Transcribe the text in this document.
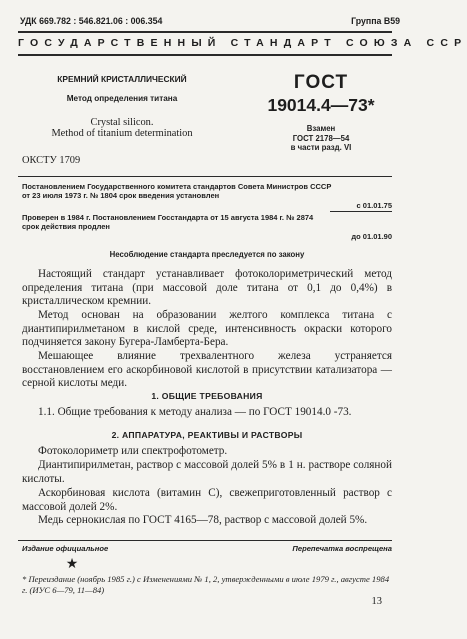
УДК 669.782 : 546.821.06 : 006.354	Группа В59
ГОСУДАРСТВЕННЫЙ СТАНДАРТ СОЮЗА ССР
КРЕМНИЙ КРИСТАЛЛИЧЕСКИЙ
Метод определения титана
Crystal silicon.
Method of titanium determination
ОКСТУ 1709
ГОСТ
19014.4—73*
Взамен
ГОСТ 2178—54
в части разд. VI
Постановлением Государственного комитета стандартов Совета Министров СССР
от 23 июля 1973 г. № 1804 срок введения установлен
с 01.01.75
Проверен в 1984 г. Постановлением Госстандарта от 15 августа 1984 г. № 2874
срок действия продлен
до 01.01.90
Несоблюдение стандарта преследуется по закону
Настоящий стандарт устанавливает фотоколориметрический метод определения титана (при массовой доле титана от 0,1 до 0,4%) в кристаллическом кремнии.
Метод основан на образовании желтого комплекса титана с диантипирилметаном в кислой среде, интенсивность окраски которого подчиняется закону Бугера-Ламберта-Бера.
Мешающее влияние трехвалентного железа устраняется восстановлением его аскорбиновой кислотой в присутствии катализатора — серной кислоты меди.
1. ОБЩИЕ ТРЕБОВАНИЯ
1.1. Общие требования к методу анализа — по ГОСТ 19014.0 -73.
2. АППАРАТУРА, РЕАКТИВЫ И РАСТВОРЫ
Фотоколориметр или спектрофотометр.
Диантипирилметан, раствор с массовой долей 5% в 1 н. растворе соляной кислоты.
Аскорбиновая кислота (витамин С), свежеприготовленный раствор с массовой долей 2%.
Медь сернокислая по ГОСТ 4165—78, раствор с массовой долей 5%.
Издание официальное	Перепечатка воспрещена
★
* Переиздание (ноябрь 1985 г.) с Изменениями № 1, 2, утвержденными в июле 1979 г., августе 1984 г. (ИУС 6—79, 11—84)
13
